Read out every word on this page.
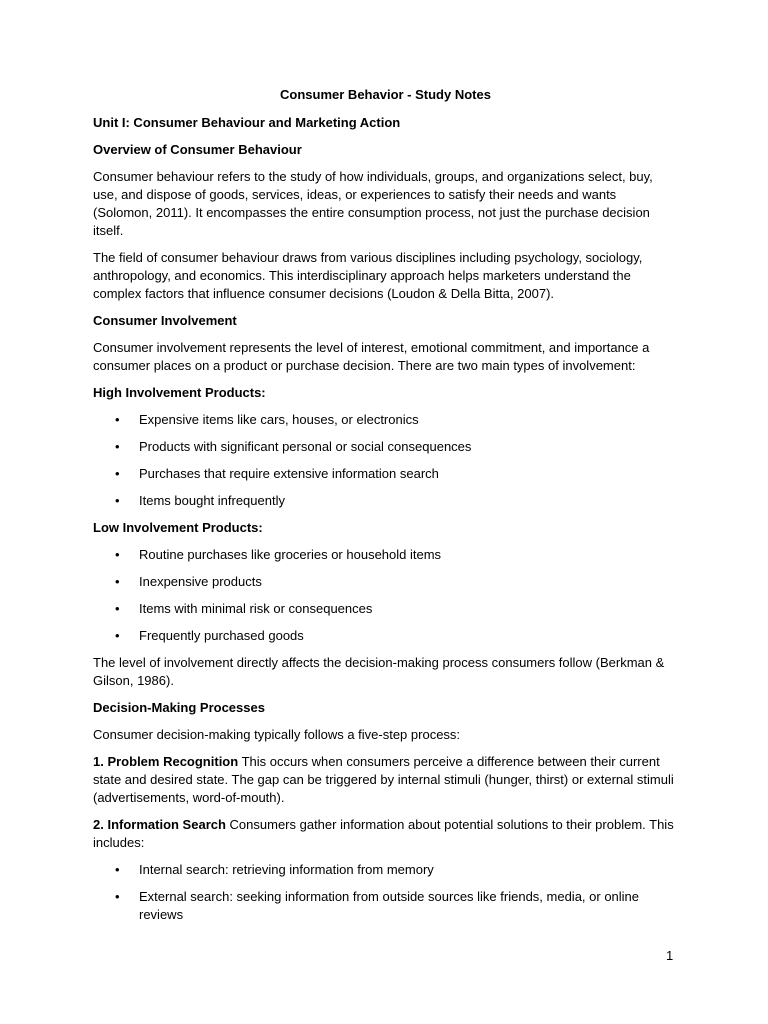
Consumer Behavior - Study Notes
Unit I: Consumer Behaviour and Marketing Action
Overview of Consumer Behaviour

Consumer behaviour refers to the study of how individuals, groups, and organizations select, buy, use, and dispose of goods, services, ideas, or experiences to satisfy their needs and wants (Solomon, 2011). It encompasses the entire consumption process, not just the purchase decision itself.

The field of consumer behaviour draws from various disciplines including psychology, sociology, anthropology, and economics. This interdisciplinary approach helps marketers understand the complex factors that influence consumer decisions (Loudon & Della Bitta, 2007).

Consumer Involvement

Consumer involvement represents the level of interest, emotional commitment, and importance a consumer places on a product or purchase decision. There are two main types of involvement:

High Involvement Products:
• Expensive items like cars, houses, or electronics
• Products with significant personal or social consequences
• Purchases that require extensive information search
• Items bought infrequently
Low Involvement Products:
• Routine purchases like groceries or household items
• Inexpensive products
• Items with minimal risk or consequences
• Frequently purchased goods

The level of involvement directly affects the decision-making process consumers follow (Berkman & Gilson, 1986).

Decision-Making Processes

Consumer decision-making typically follows a five-step process:

1. Problem Recognition This occurs when consumers perceive a difference between their current state and desired state. The gap can be triggered by internal stimuli (hunger, thirst) or external stimuli (advertisements, word-of-mouth).

2. Information Search Consumers gather information about potential solutions to their problem. This includes:

• Internal search: retrieving information from memory
• External search: seeking information from outside sources like friends, media, or online reviews
1
